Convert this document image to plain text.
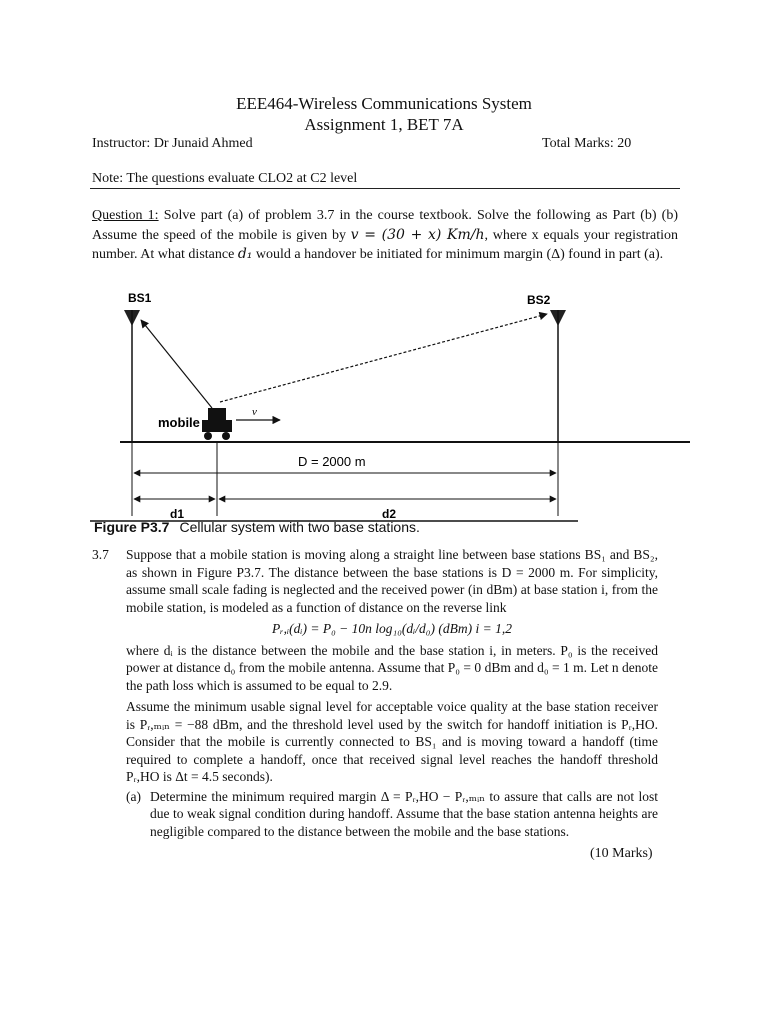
EEE464-Wireless Communications System
Assignment 1, BET 7A
Instructor: Dr Junaid Ahmed	Total Marks: 20
Note: The questions evaluate CLO2 at C2 level
Question 1: Solve part (a) of problem 3.7 in the course textbook. Solve the following as Part (b) (b) Assume the speed of the mobile is given by v = (30 + x) Km/h, where x equals your registration number. At what distance d₁ would a handover be initiated for minimum margin (Δ) found in part (a).
BS1	BS2
mobile
v
D = 2000 m
d1	d2
Figure P3.7 Cellular system with two base stations.
3.7 Suppose that a mobile station is moving along a straight line between base stations BS₁ and BS₂, as shown in Figure P3.7. The distance between the base stations is D = 2000 m. For simplicity, assume small scale fading is neglected and the received power (in dBm) at base station i, from the mobile station, is modeled as a function of distance on the reverse link
Pᵣ,ᵢ(dᵢ) = P₀ − 10n log₁₀(dᵢ/d₀) (dBm) i = 1,2
where dᵢ is the distance between the mobile and the base station i, in meters. P₀ is the received power at distance d₀ from the mobile antenna. Assume that P₀ = 0 dBm and d₀ = 1 m. Let n denote the path loss which is assumed to be equal to 2.9.
Assume the minimum usable signal level for acceptable voice quality at the base station receiver is Pᵣ,ₘᵢₙ = −88 dBm, and the threshold level used by the switch for handoff initiation is Pᵣ,HO. Consider that the mobile is currently connected to BS₁ and is moving toward a handoff (time required to complete a handoff, once that received signal level reaches the handoff threshold Pᵣ,HO is Δt = 4.5 seconds).
(a) Determine the minimum required margin Δ = Pᵣ,HO − Pᵣ,ₘᵢₙ to assure that calls are not lost due to weak signal condition during handoff. Assume that the base station antenna heights are negligible compared to the distance between the mobile and the base stations.
(10 Marks)
